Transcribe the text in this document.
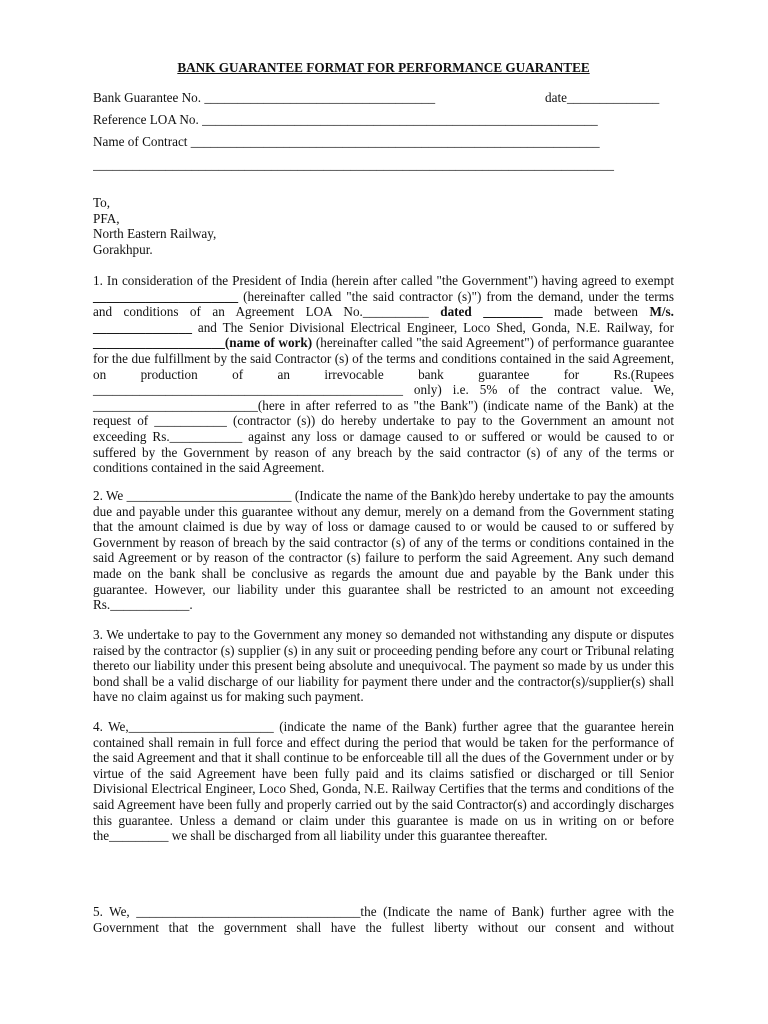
BANK GUARANTEE FORMAT FOR PERFORMANCE GUARANTEE
Bank Guarantee No. ___________________________________	date______________
Reference LOA No. ____________________________________________________________
Name of Contract ______________________________________________________________
_______________________________________________________________________________
To,
PFA,
North Eastern Railway,
Gorakhpur.

1. In consideration of the President of India (herein after called "the Government") having agreed to exempt ______________________ (hereinafter called "the said contractor (s)") from the demand, under the terms and conditions of an Agreement LOA No.__________ dated _________ made between M/s. _______________ and The Senior Divisional Electrical Engineer, Loco Shed, Gonda, N.E. Railway, for ____________________(name of work) (hereinafter called "the said Agreement") of performance guarantee for the due fulfillment by the said Contractor (s) of the terms and conditions contained in the said Agreement, on production of an irrevocable bank guarantee for Rs.(Rupees _______________________________________________ only) i.e. 5% of the contract value. We, _________________________(here in after referred to as "the Bank") (indicate name of the Bank) at the request of ___________ (contractor (s)) do hereby undertake to pay to the Government an amount not exceeding Rs.___________ against any loss or damage caused to or suffered or would be caused to or suffered by the Government by reason of any breach by the said contractor (s) of any of the terms or conditions contained in the said Agreement.

2. We _________________________ (Indicate the name of the Bank)do hereby undertake to pay the amounts due and payable under this guarantee without any demur, merely on a demand from the Government stating that the amount claimed is due by way of loss or damage caused to or would be caused to or suffered by Government by reason of breach by the said contractor (s) of any of the terms or conditions contained in the said Agreement or by reason of the contractor (s) failure to perform the said Agreement. Any such demand made on the bank shall be conclusive as regards the amount due and payable by the Bank under this guarantee. However, our liability under this guarantee shall be restricted to an amount not exceeding Rs.____________.

3. We undertake to pay to the Government any money so demanded not withstanding any dispute or disputes raised by the contractor (s) supplier (s) in any suit or proceeding pending before any court or Tribunal relating thereto our liability under this present being absolute and unequivocal. The payment so made by us under this bond shall be a valid discharge of our liability for payment there under and the contractor(s)/supplier(s) shall have no claim against us for making such payment.

4. We,______________________ (indicate the name of the Bank) further agree that the guarantee herein contained shall remain in full force and effect during the period that would be taken for the performance of the said Agreement and that it shall continue to be enforceable till all the dues of the Government under or by virtue of the said Agreement have been fully paid and its claims satisfied or discharged or till Senior Divisional Electrical Engineer, Loco Shed, Gonda, N.E. Railway Certifies that the terms and conditions of the said Agreement have been fully and properly carried out by the said Contractor(s) and accordingly discharges this guarantee. Unless a demand or claim under this guarantee is made on us in writing on or before the_________ we shall be discharged from all liability under this guarantee thereafter.

5. We, __________________________________the (Indicate the name of Bank) further agree with the Government that the government shall have the fullest liberty without our consent and without
